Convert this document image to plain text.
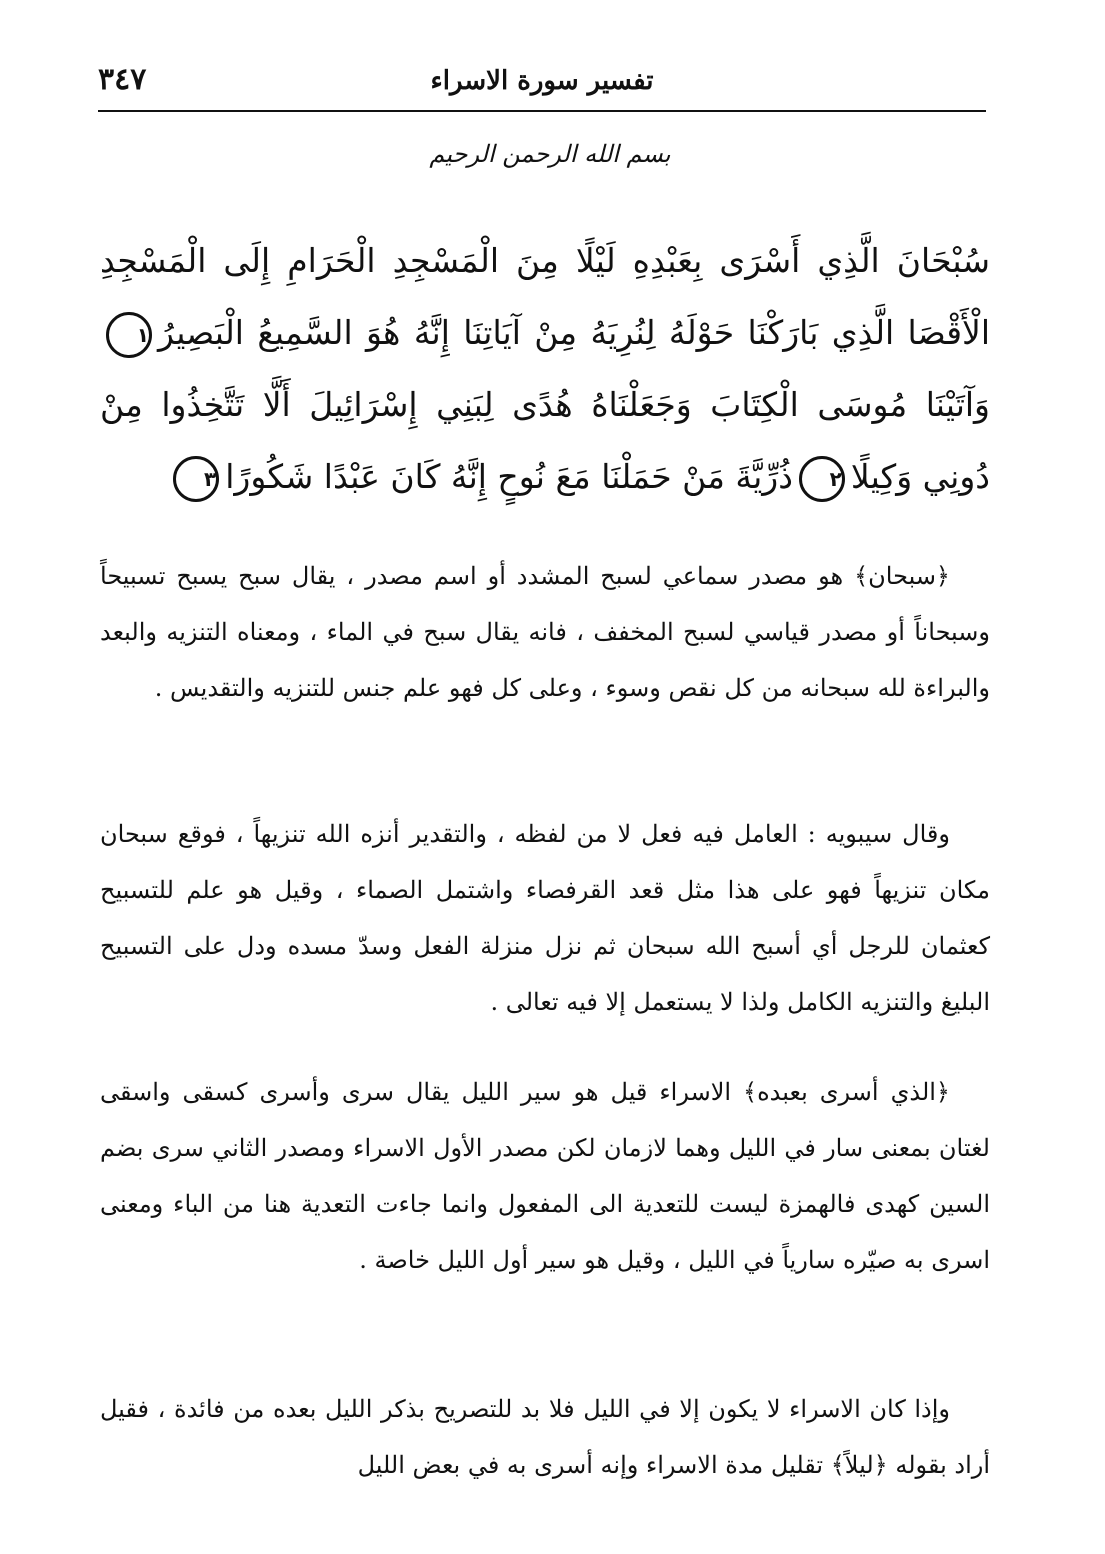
٣٤٧	تفسير سورة الاسراء
بسم الله الرحمن الرحيم
سُبْحَانَ الَّذِي أَسْرَى بِعَبْدِهِ لَيْلًا مِنَ الْمَسْجِدِ الْحَرَامِ إِلَى الْمَسْجِدِ الْأَقْصَا الَّذِي بَارَكْنَا حَوْلَهُ لِنُرِيَهُ مِنْ آيَاتِنَا إِنَّهُ هُوَ السَّمِيعُ الْبَصِيرُ١وَآتَيْنَا مُوسَى الْكِتَابَ وَجَعَلْنَاهُ هُدًى لِبَنِي إِسْرَائِيلَ أَلَّا تَتَّخِذُوا مِنْ دُونِي وَكِيلًا٢ذُرِّيَّةَ مَنْ حَمَلْنَا مَعَ نُوحٍ إِنَّهُ كَانَ عَبْدًا شَكُورًا٣
﴿سبحان﴾ هو مصدر سماعي لسبح المشدد أو اسم مصدر ، يقال سبح يسبح تسبيحاً وسبحاناً أو مصدر قياسي لسبح المخفف ، فانه يقال سبح في الماء ، ومعناه التنزيه والبعد والبراءة لله سبحانه من كل نقص وسوء ، وعلى كل فهو علم جنس للتنزيه والتقديس .
وقال سيبويه : العامل فيه فعل لا من لفظه ، والتقدير أنزه الله تنزيهاً ، فوقع سبحان مكان تنزيهاً فهو على هذا مثل قعد القرفصاء واشتمل الصماء ، وقيل هو علم للتسبيح كعثمان للرجل أي أسبح الله سبحان ثم نزل منزلة الفعل وسدّ مسده ودل على التسبيح البليغ والتنزيه الكامل ولذا لا يستعمل إلا فيه تعالى .
﴿الذي أسرى بعبده﴾ الاسراء قيل هو سير الليل يقال سرى وأسرى كسقى واسقى لغتان بمعنى سار في الليل وهما لازمان لكن مصدر الأول الاسراء ومصدر الثاني سرى بضم السين كهدى فالهمزة ليست للتعدية الى المفعول وانما جاءت التعدية هنا من الباء ومعنى اسرى به صيّره سارياً في الليل ، وقيل هو سير أول الليل خاصة .
وإذا كان الاسراء لا يكون إلا في الليل فلا بد للتصريح بذكر الليل بعده من فائدة ، فقيل أراد بقوله ﴿ليلاً﴾ تقليل مدة الاسراء وإنه أسرى به في بعض الليل
